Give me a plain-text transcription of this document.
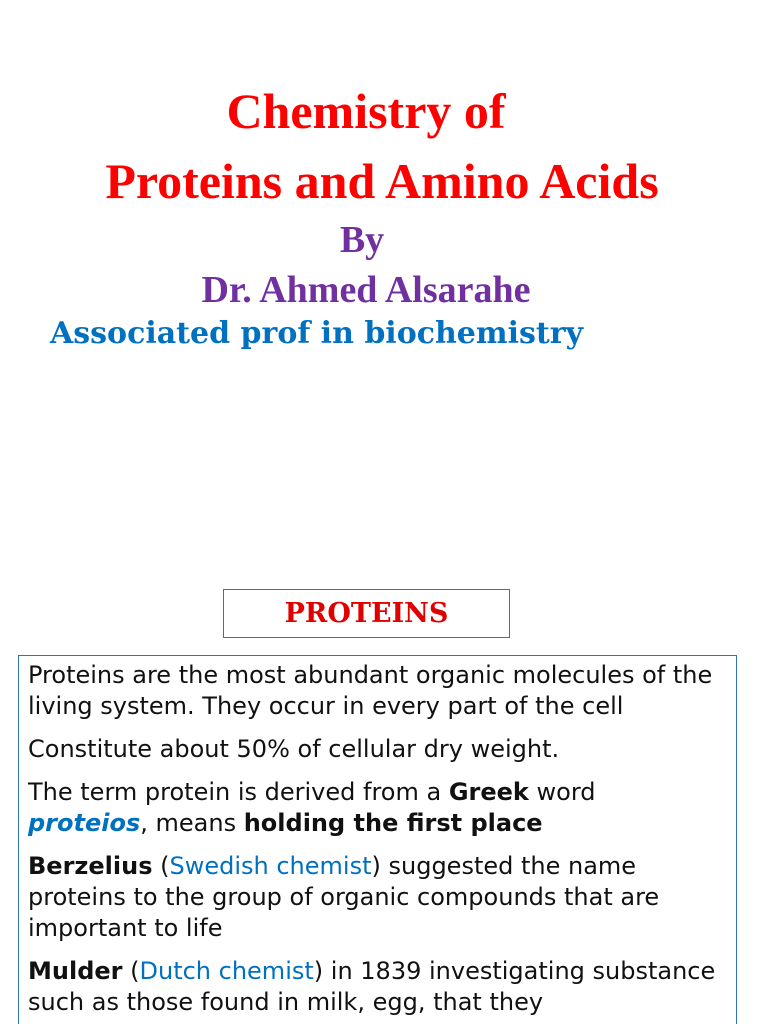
Chemistry of
Proteins and Amino Acids
By
Dr. Ahmed Alsarahe
Associated prof in biochemistry
PROTEINS

Proteins are the most abundant organic molecules of the living system. They occur in every part of the cell

Constitute about 50% of cellular dry weight.

The term protein is derived from a Greek word
proteios, means holding the first place

Berzelius (Swedish chemist) suggested the name proteins to the group of organic compounds that are important to life

Mulder (Dutch chemist) in 1839 investigating substance such as those found in milk, egg, that they
